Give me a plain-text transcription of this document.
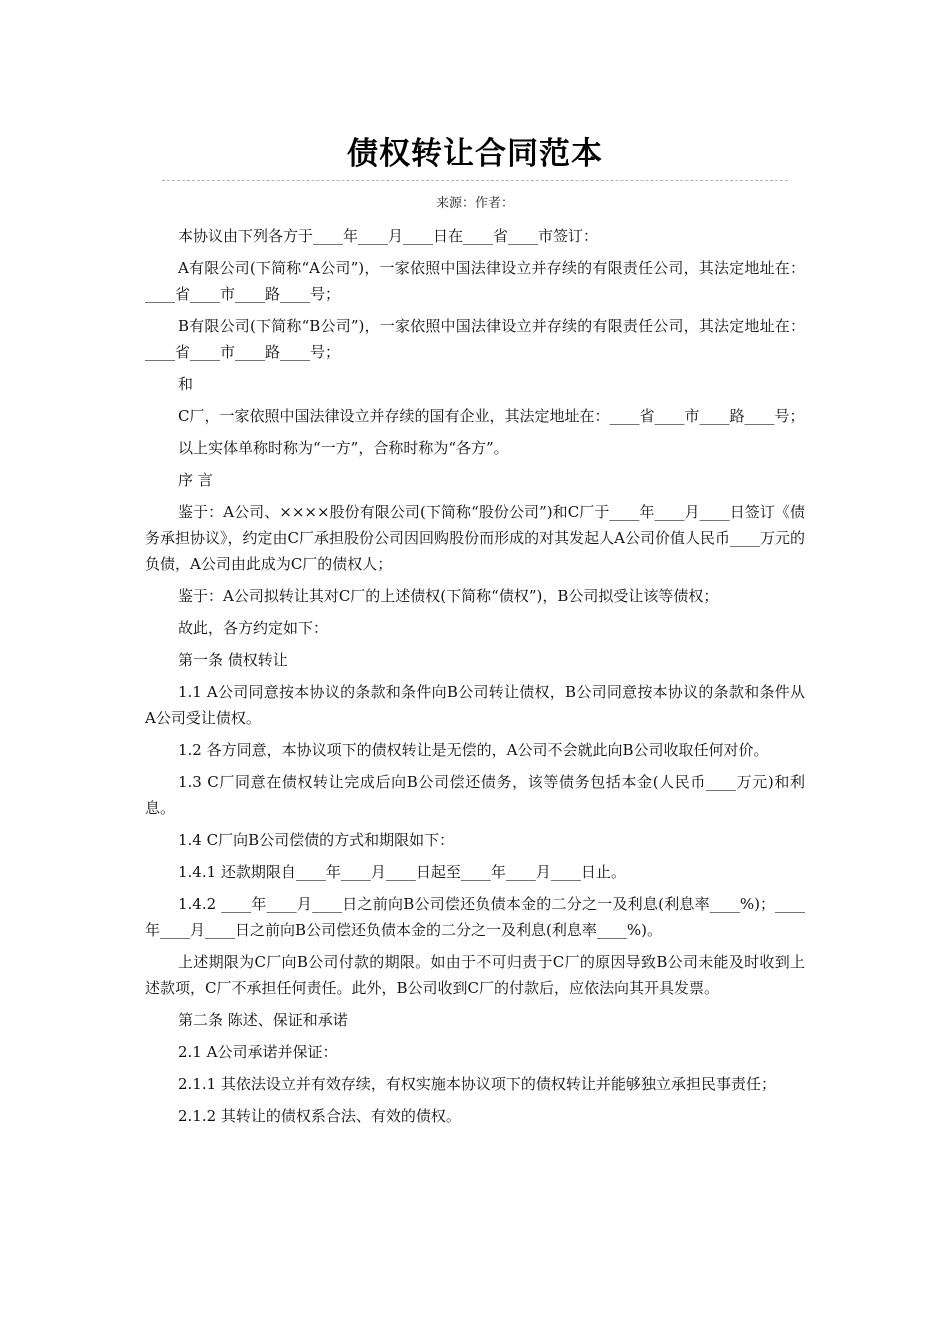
债权转让合同范本
来源：作者：

本协议由下列各方于____年____月____日在____省____市签订：

A有限公司(下简称“A公司”)，一家依照中国法律设立并存续的有限责任公司，其法定地址在：____省____市____路____号；

B有限公司(下简称“B公司”)，一家依照中国法律设立并存续的有限责任公司，其法定地址在：____省____市____路____号；

和

C厂，一家依照中国法律设立并存续的国有企业，其法定地址在：____省____市____路____号；

以上实体单称时称为“一方”，合称时称为“各方”。

序 言

鉴于：A公司、××××股份有限公司(下简称“股份公司”)和C厂于____年____月____日签订《债务承担协议》，约定由C厂承担股份公司因回购股份而形成的对其发起人A公司价值人民币____万元的负债，A公司由此成为C厂的债权人；

鉴于：A公司拟转让其对C厂的上述债权(下简称“债权”)，B公司拟受让该等债权；

故此，各方约定如下：

第一条 债权转让

1.1 A公司同意按本协议的条款和条件向B公司转让债权，B公司同意按本协议的条款和条件从A公司受让债权。

1.2 各方同意，本协议项下的债权转让是无偿的，A公司不会就此向B公司收取任何对价。

1.3 C厂同意在债权转让完成后向B公司偿还债务，该等债务包括本金(人民币____万元)和利息。

1.4 C厂向B公司偿债的方式和期限如下：

1.4.1 还款期限自____年____月____日起至____年____月____日止。

1.4.2 ____年____月____日之前向B公司偿还负债本金的二分之一及利息(利息率____%)；____年____月____日之前向B公司偿还负债本金的二分之一及利息(利息率____%)。

上述期限为C厂向B公司付款的期限。如由于不可归责于C厂的原因导致B公司未能及时收到上述款项，C厂不承担任何责任。此外，B公司收到C厂的付款后，应依法向其开具发票。

第二条 陈述、保证和承诺

2.1 A公司承诺并保证：

2.1.1 其依法设立并有效存续，有权实施本协议项下的债权转让并能够独立承担民事责任；

2.1.2 其转让的债权系合法、有效的债权。
